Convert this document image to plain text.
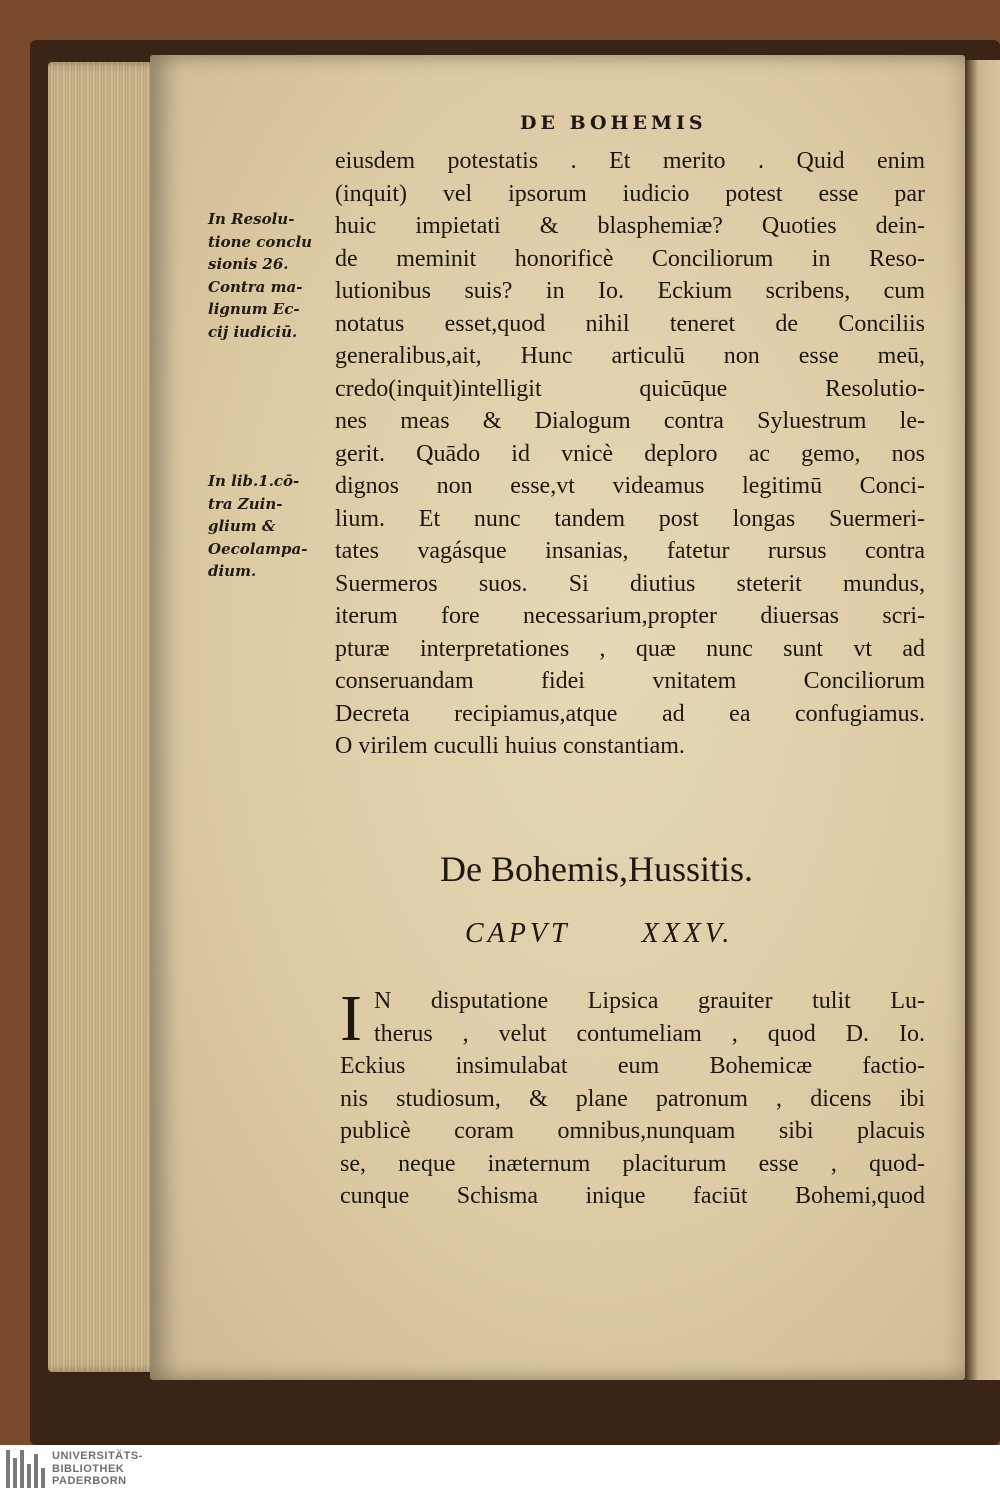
DE BOHEMIS
In Resolu-
tione conclu
sionis 26.
Contra ma-
lignum Ec-
cij iudiciū.
In lib.1.cō-
tra Zuin-
glium &
Oecolampa-
dium.
eiusdem potestatis . Et merito . Quid enim
(inquit) vel ipsorum iudicio potest esse par
huic impietati & blasphemiæ? Quoties dein-
de meminit honorificè Conciliorum in Reso-
lutionibus suis? in Io. Eckium scribens, cum
notatus esset,quod nihil teneret de Conciliis
generalibus,ait, Hunc articulū non esse meū,
credo(inquit)intelligit quicūque Resolutio-
nes meas & Dialogum contra Syluestrum le-
gerit. Quādo id vnicè deploro ac gemo, nos
dignos non esse,vt videamus legitimū Conci-
lium. Et nunc tandem post longas Suermeri-
tates vagásque insanias, fatetur rursus contra
Suermeros suos. Si diutius steterit mundus,
iterum fore necessarium,propter diuersas scri-
pturæ interpretationes , quæ nunc sunt vt ad
conseruandam fidei vnitatem Conciliorum
Decreta recipiamus,atque ad ea confugiamus.
O virilem cuculli huius constantiam.
De Bohemis,Hussitis.
CAPVT	XXXV.
I N disputatione Lipsica grauiter tulit Lu-
therus , velut contumeliam , quod D. Io.
Eckius insimulabat eum Bohemicæ factio-
nis studiosum, & plane patronum , dicens ibi
publicè coram omnibus,nunquam sibi placuis
se, neque inæternum placiturum esse , quod-
cunque Schisma inique faciūt Bohemi,quod
UNIVERSITÄTS-
BIBLIOTHEK
PADERBORN
